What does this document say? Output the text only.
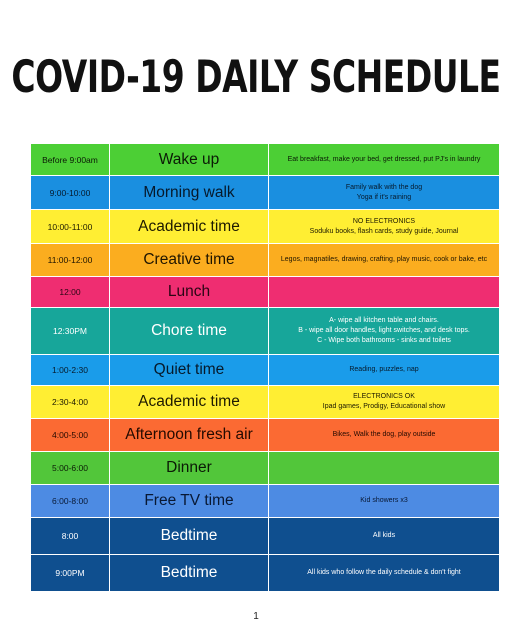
COVID-19 DAILY SCHEDULE
Before 9:00am	Wake up	Eat breakfast, make your bed, get dressed, put PJ's in laundry

9:00-10:00	Morning walk	Family walk with the dog
Yoga if it's raining

10:00-11:00	Academic time	NO ELECTRONICS
Soduku books, flash cards, study guide, Journal

11:00-12:00	Creative time	Legos, magnatiles, drawing, crafting, play music, cook or bake, etc

12:00	Lunch	
12:30PM	Chore time	A- wipe all kitchen table and chairs.
B - wipe all door handles, light switches, and desk tops.
C - Wipe both bathrooms - sinks and toilets

1:00-2:30	Quiet time	Reading, puzzles, nap

2:30-4:00	Academic time	ELECTRONICS OK
Ipad games, Prodigy, Educational show

4:00-5:00	Afternoon fresh air	Bikes, Walk the dog, play outside

5:00-6:00	Dinner	
6:00-8:00	Free TV time	Kid showers x3

8:00	Bedtime	All kids

9:00PM	Bedtime	All kids who follow the daily schedule & don't fight
1
